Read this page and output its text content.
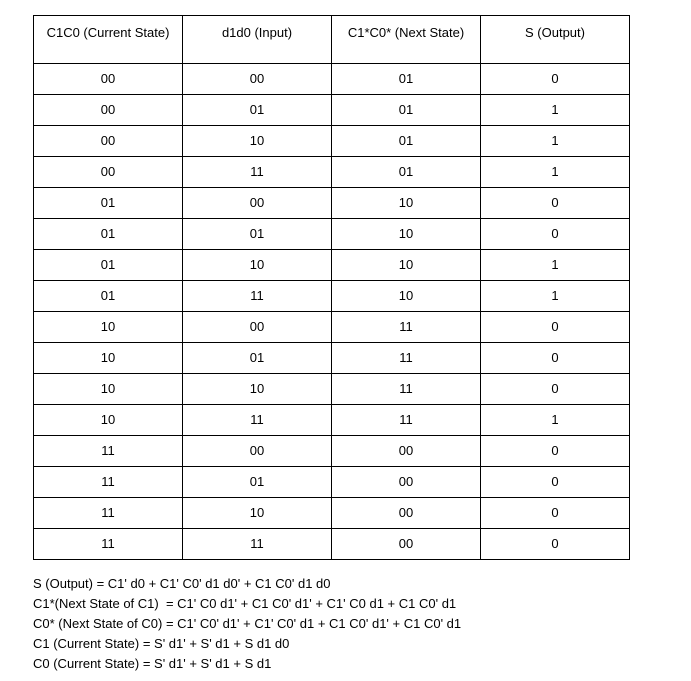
C1C0 (Current State)	d1d0 (Input)	C1*C0* (Next State)	S (Output)
00	00	01	0
00	01	01	1
00	10	01	1
00	11	01	1
01	00	10	0
01	01	10	0
01	10	10	1
01	11	10	1
10	00	11	0
10	01	11	0
10	10	11	0
10	11	11	1
11	00	00	0
11	01	00	0
11	10	00	0
11	11	00	0
S (Output) = C1' d0 + C1' C0' d1 d0' + C1 C0' d1 d0
C1*(Next State of C1)  = C1' C0 d1' + C1 C0' d1' + C1' C0 d1 + C1 C0' d1
C0* (Next State of C0) = C1' C0' d1' + C1' C0' d1 + C1 C0' d1' + C1 C0' d1
C1 (Current State) = S' d1' + S' d1 + S d1 d0
C0 (Current State) = S' d1' + S' d1 + S d1
